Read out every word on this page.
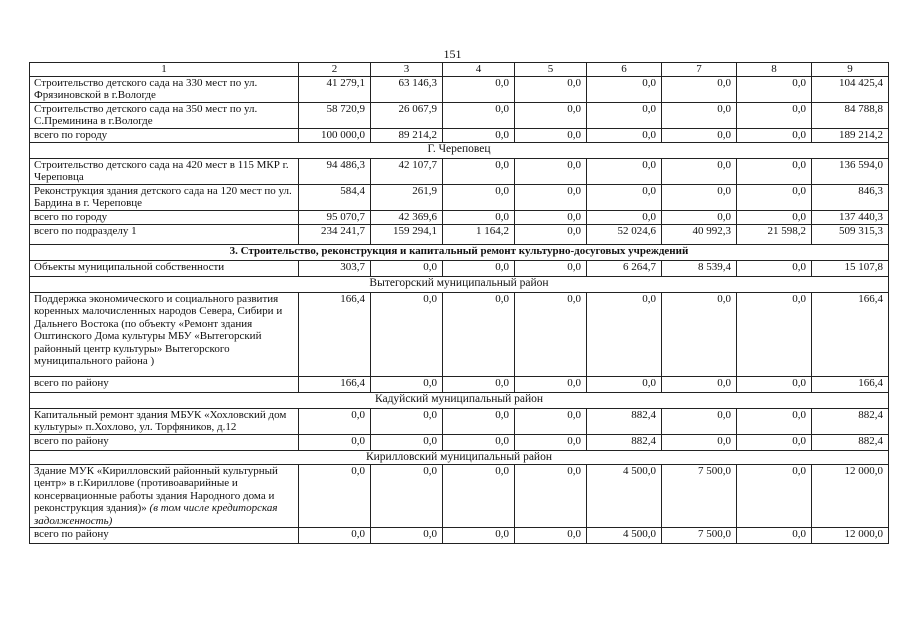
151
1	2	3	4	5	6	7	8	9
Строительство детского сада на 330 мест по ул. Фрязиновской в г.Вологде	41 279,1	63 146,3	0,0	0,0	0,0	0,0	0,0	104 425,4
Строительство детского сада на 350 мест по ул. С.Преминина в г.Вологде	58 720,9	26 067,9	0,0	0,0	0,0	0,0	0,0	84 788,8
всего по городу	100 000,0	89 214,2	0,0	0,0	0,0	0,0	0,0	189 214,2
Г. Череповец								
Строительство детского сада на 420 мест в 115 МКР г. Череповца	94 486,3	42 107,7	0,0	0,0	0,0	0,0	0,0	136 594,0
Реконструкция здания детского сада на 120 мест по ул. Бардина в г. Череповце	584,4	261,9	0,0	0,0	0,0	0,0	0,0	846,3
всего по городу	95 070,7	42 369,6	0,0	0,0	0,0	0,0	0,0	137 440,3
всего по подразделу 1	234 241,7	159 294,1	1 164,2	0,0	52 024,6	40 992,3	21 598,2	509 315,3
3. Строительство, реконструкция и капитальный ремонт культурно-досуговых учреждений								
Объекты муниципальной собственности	303,7	0,0	0,0	0,0	6 264,7	8 539,4	0,0	15 107,8
Вытегорский муниципальный район								
Поддержка экономического и социального развития коренных малочисленных народов Севера, Сибири и Дальнего Востока (по объекту «Ремонт здания Оштинского Дома культуры МБУ «Вытегорский районный центр культуры» Вытегорского муниципального района )	166,4	0,0	0,0	0,0	0,0	0,0	0,0	166,4
всего по району	166,4	0,0	0,0	0,0	0,0	0,0	0,0	166,4
Кадуйский муниципальный район								
Капитальный ремонт здания МБУК «Хохловский дом культуры» п.Хохлово, ул. Торфяников, д.12	0,0	0,0	0,0	0,0	882,4	0,0	0,0	882,4
всего по району	0,0	0,0	0,0	0,0	882,4	0,0	0,0	882,4
Кирилловский муниципальный район								
Здание МУК «Кирилловский районный культурный центр» в г.Кириллове (противоаварийные и консервационные работы здания Народного дома и реконструкция здания)» (в том числе кредиторская задолженность)	0,0	0,0	0,0	0,0	4 500,0	7 500,0	0,0	12 000,0
всего по району	0,0	0,0	0,0	0,0	4 500,0	7 500,0	0,0	12 000,0
